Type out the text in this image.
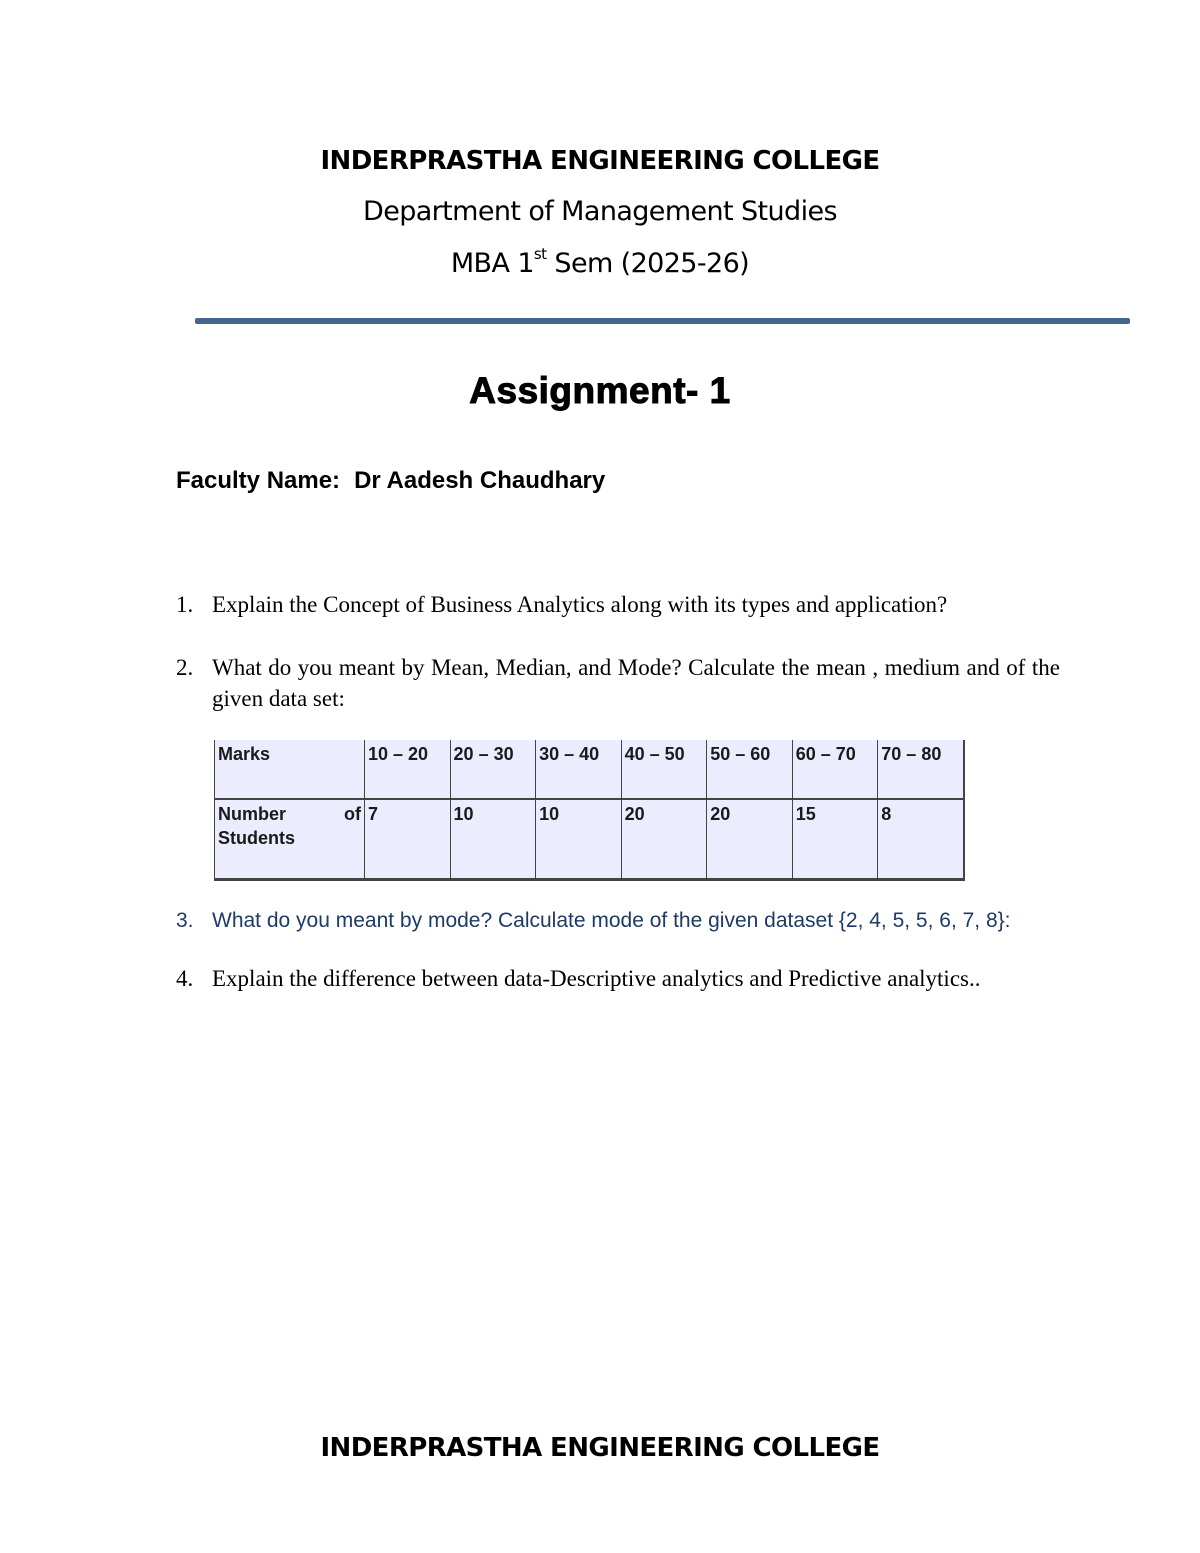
INDERPRASTHA ENGINEERING COLLEGE
Department of Management Studies
MBA 1st Sem (2025-26)
Assignment- 1
Faculty Name: Dr Aadesh Chaudhary
1. Explain the Concept of Business Analytics along with its types and application?
2. What do you meant by Mean, Median, and Mode? Calculate the mean , medium and of the given data set:
Marks	10 – 20	20 – 30	30 – 40	40 – 50	50 – 60	60 – 70	70 – 80

Number of
Students	7	10	10	20	20	15	8
3. What do you meant by mode? Calculate mode of the given dataset {2, 4, 5, 5, 6, 7, 8}:
4. Explain the difference between data-Descriptive analytics and Predictive analytics..
INDERPRASTHA ENGINEERING COLLEGE
